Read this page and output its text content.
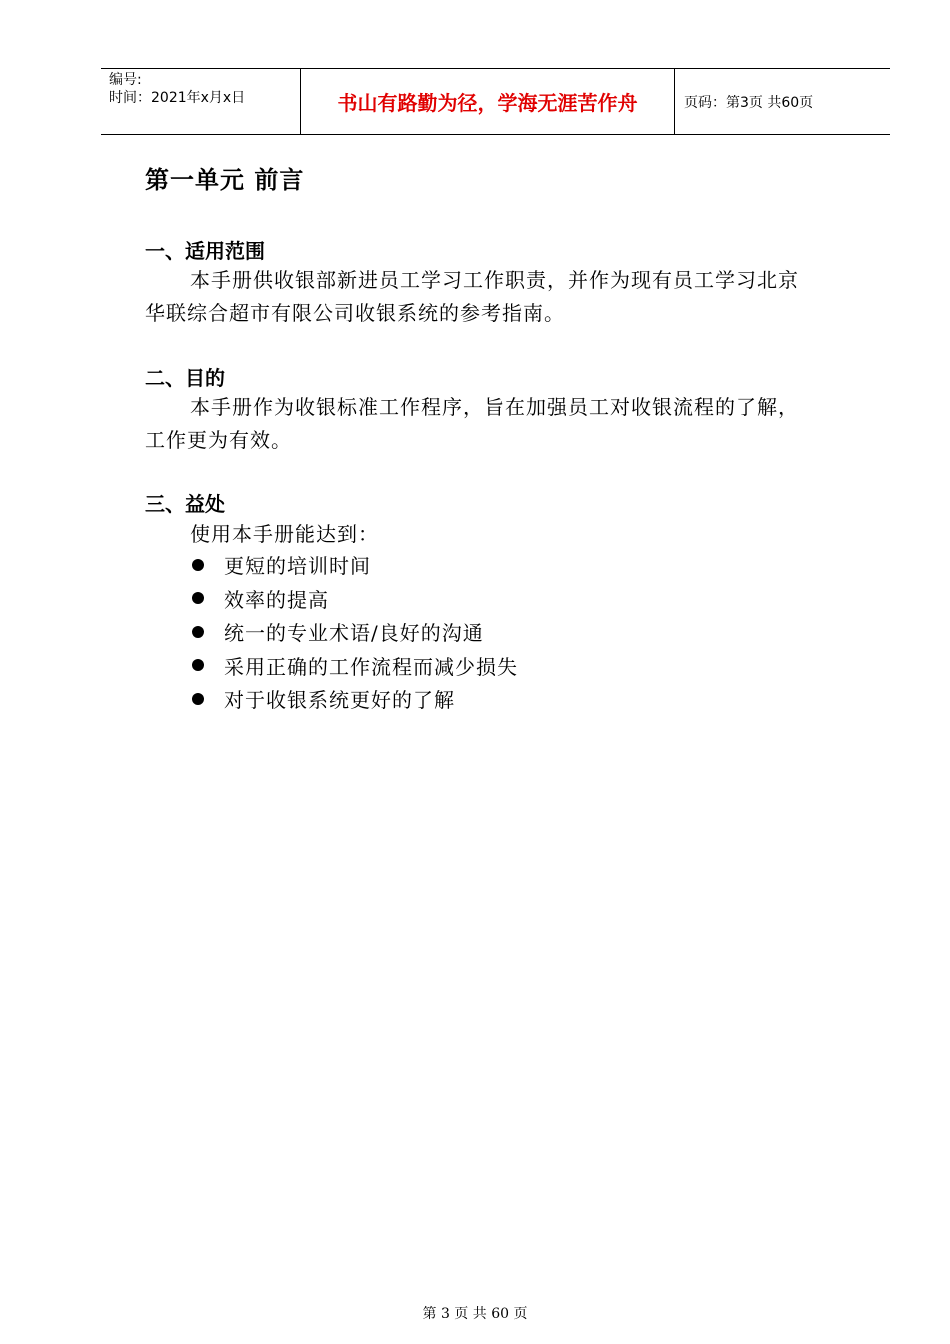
编号:
时间：2021年x月x日	书山有路勤为径，学海无涯苦作舟	页码：第3页 共60页
第一单元 前言
一、适用范围
本手册供收银部新进员工学习工作职责，并作为现有员工学习北京
华联综合超市有限公司收银系统的参考指南。
二、目的
本手册作为收银标准工作程序，旨在加强员工对收银流程的了解，
工作更为有效。
三、益处
使用本手册能达到：
更短的培训时间
效率的提高
统一的专业术语/良好的沟通
采用正确的工作流程而减少损失
对于收银系统更好的了解
第 3 页 共 60 页
